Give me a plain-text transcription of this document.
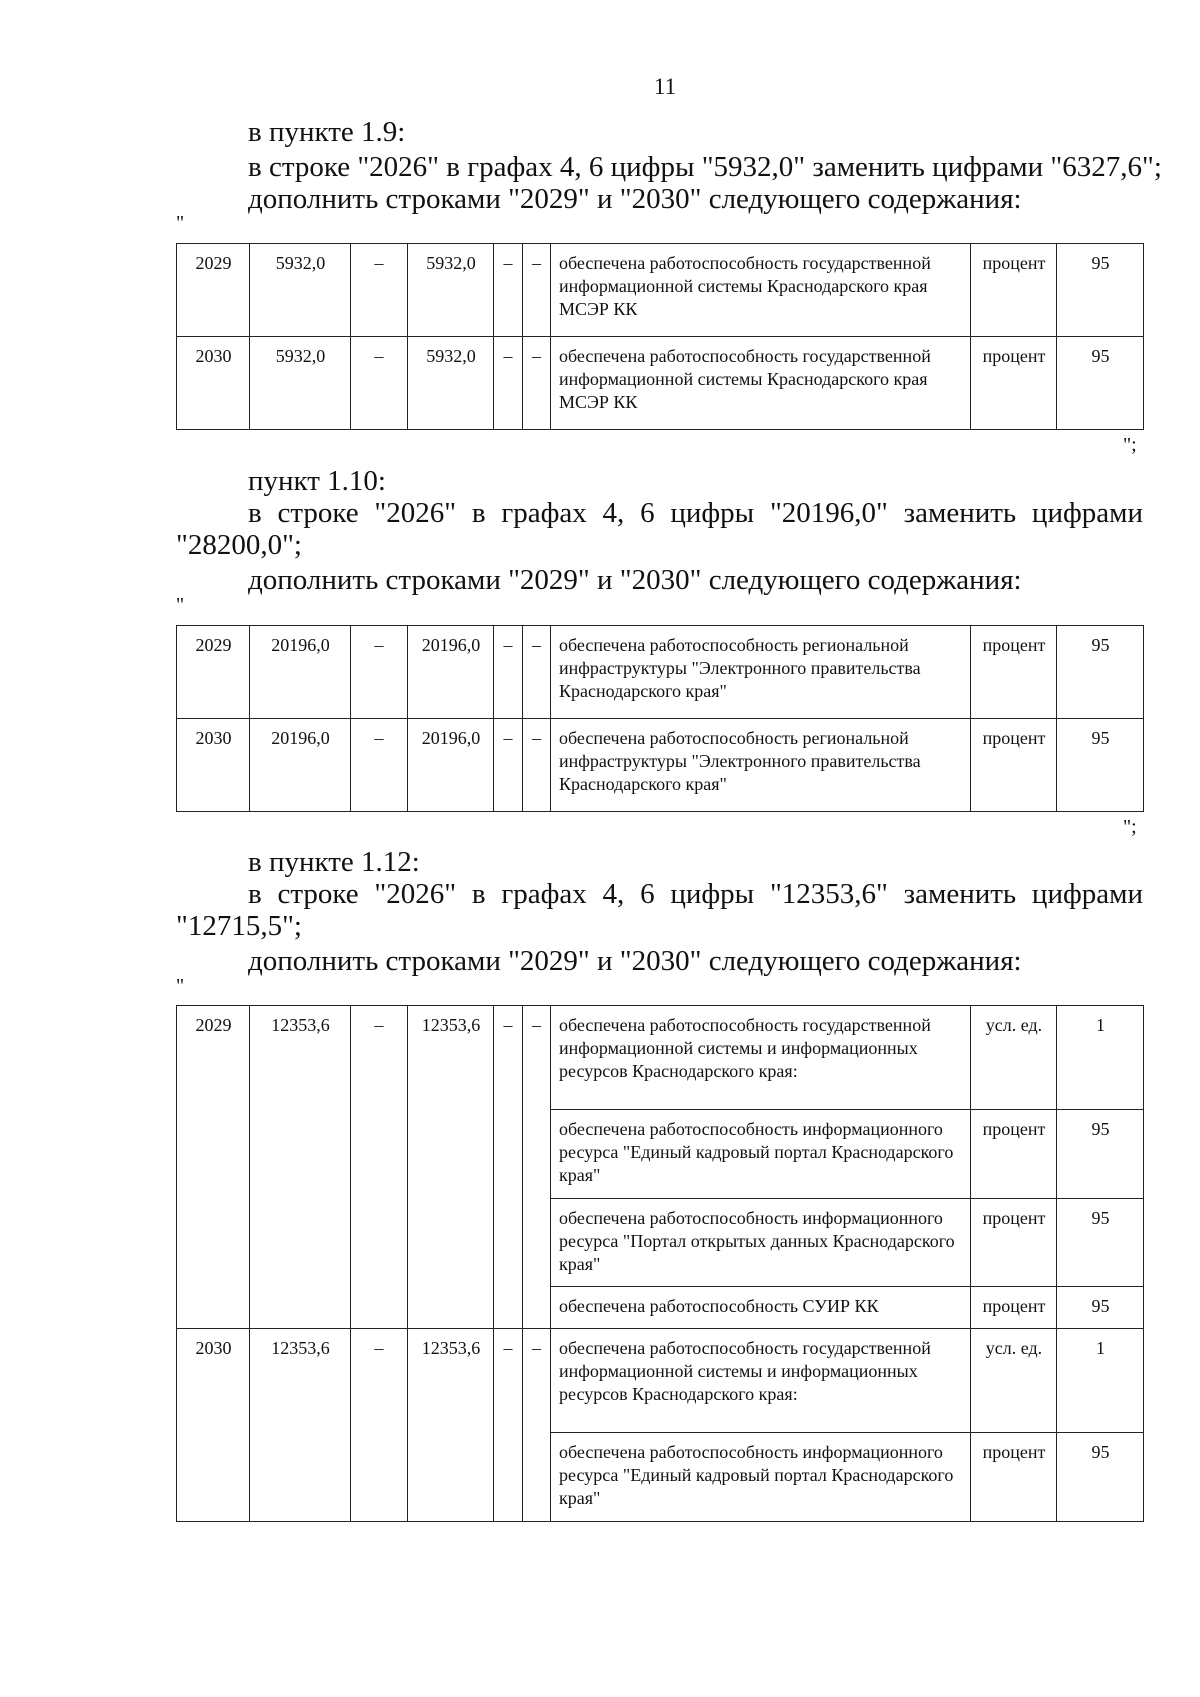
11
в пункте 1.9:
в строке "2026" в графах 4, 6 цифры "5932,0" заменить цифрами "6327,6";
дополнить строками "2029" и "2030" следующего содержания:
"
2029	5932,0	–	5932,0	–	–	обеспечена работоспособность государственной информационной системы Краснодарского края МСЭР КК	процент	95
2030	5932,0	–	5932,0	–	–	обеспечена работоспособность государственной информационной системы Краснодарского края МСЭР КК	процент	95
";
пункт 1.10:
в строке "2026" в графах 4, 6 цифры "20196,0" заменить цифрами
"28200,0";
дополнить строками "2029" и "2030" следующего содержания:
"
2029	20196,0	–	20196,0	–	–	обеспечена работоспособность региональной инфраструктуры "Электронного правительства Краснодарского края"	процент	95
2030	20196,0	–	20196,0	–	–	обеспечена работоспособность региональной инфраструктуры "Электронного правительства Краснодарского края"	процент	95
";
в пункте 1.12:
в строке "2026" в графах 4, 6 цифры "12353,6" заменить цифрами
"12715,5";
дополнить строками "2029" и "2030" следующего содержания:
"
2029	12353,6	–	12353,6	–	–	обеспечена работоспособность государственной информационной системы и информационных ресурсов Краснодарского края:	усл. ед.	1
						обеспечена работоспособность информационного ресурса "Единый кадровый портал Краснодарского края"	процент	95
						обеспечена работоспособность информационного ресурса "Портал открытых данных Краснодарского края"	процент	95
						обеспечена работоспособность СУИР КК	процент	95
2030	12353,6	–	12353,6	–	–	обеспечена работоспособность государственной информационной системы и информационных ресурсов Краснодарского края:	усл. ед.	1
						обеспечена работоспособность информационного ресурса "Единый кадровый портал Краснодарского края"	процент	95
